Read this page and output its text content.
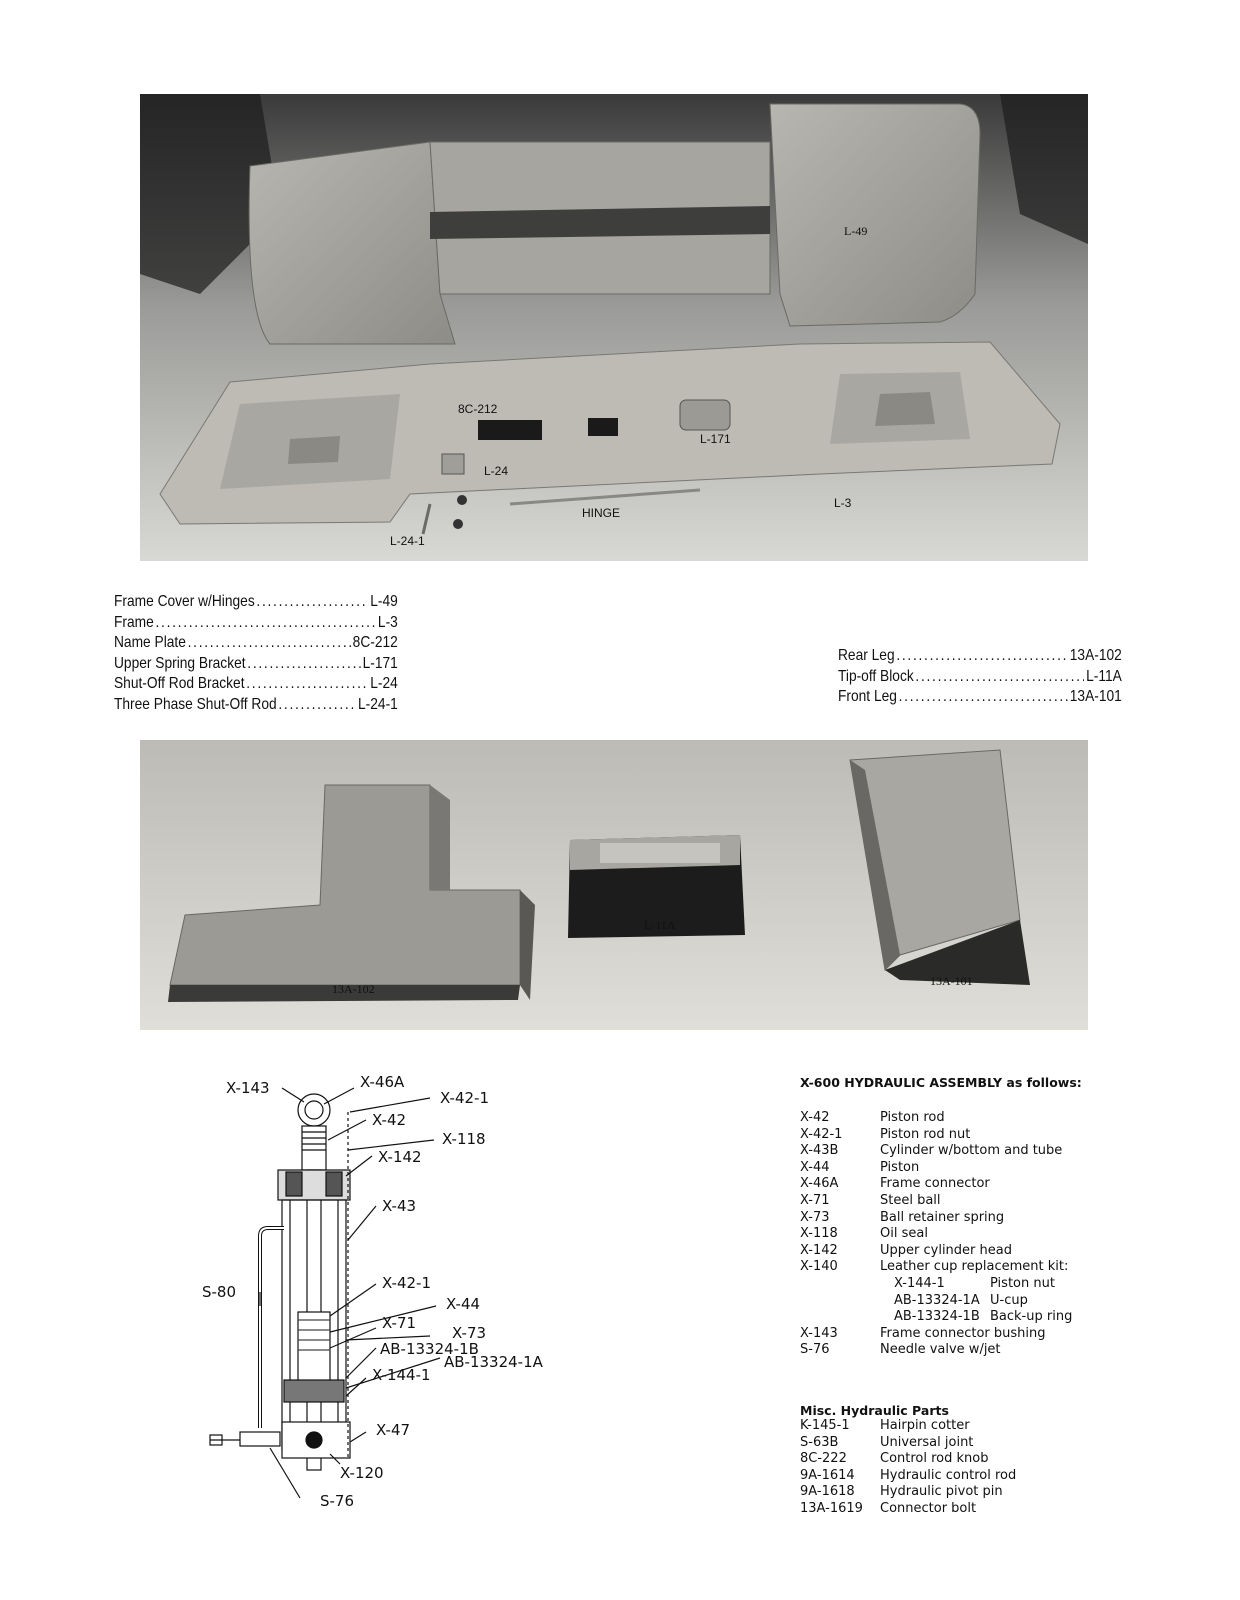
L-49
8C-212
L-171
L-24
HINGE
L-3
L-24-1
Frame Cover w/Hinges .....	L-49
Frame .....	L-3
Name Plate .....	8C-212
Upper Spring Bracket .....	L-171
Shut-Off Rod Bracket .....	L-24
Three Phase Shut-Off Rod .....	L-24-1
Rear Leg .....	13A-102
Tip-off Block .....	L-11A
Front Leg .....	13A-101
L-11A
13A-102
13A-101
X-143	X-46A
X-42-1
X-42
X-118
X-142
X-43
S-80	X-42-1
X-44
X-71
X-73
AB-13324-1B
AB-13324-1A
X-144-1
X-47
X-120
S-76
X-600 HYDRAULIC ASSEMBLY as follows:
X-42	Piston rod
X-42-1	Piston rod nut
X-43B	Cylinder w/bottom and tube
X-44	Piston
X-46A	Frame connector
X-71	Steel ball
X-73	Ball retainer spring
X-118	Oil seal
X-142	Upper cylinder head
X-140	Leather cup replacement kit:
X-144-1	Piston nut
AB-13324-1A U-cup
AB-13324-1B Back-up ring
X-143	Frame connector bushing
S-76	Needle valve w/jet
Misc. Hydraulic Parts
K-145-1	Hairpin cotter
S-63B	Universal joint
8C-222	Control rod knob
9A-1614	Hydraulic control rod
9A-1618	Hydraulic pivot pin
13A-1619	Connector bolt
